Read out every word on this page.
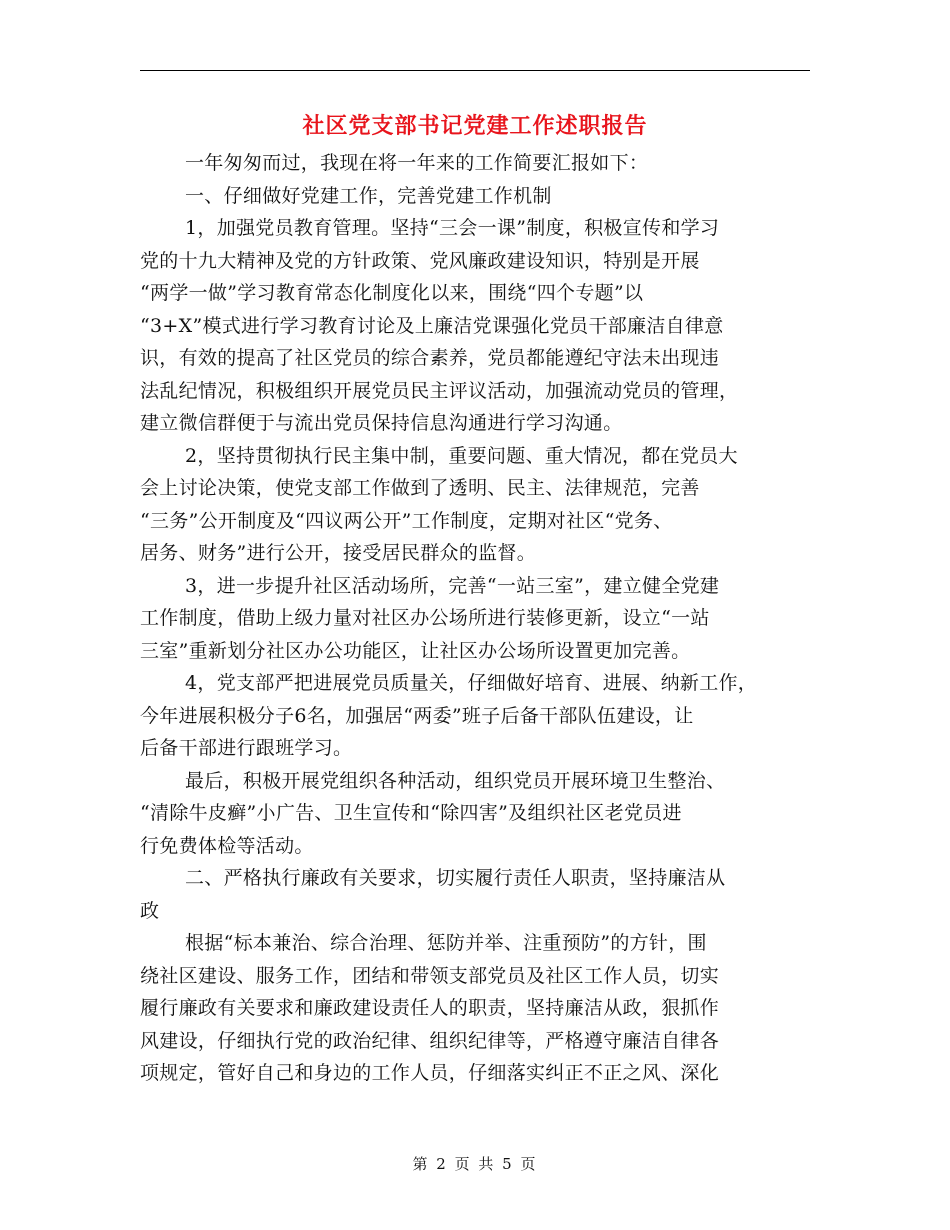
社区党支部书记党建工作述职报告
一年匆匆而过，我现在将一年来的工作简要汇报如下：
一、仔细做好党建工作，完善党建工作机制
1，加强党员教育管理。坚持“三会一课”制度，积极宣传和学习
党的十九大精神及党的方针政策、党风廉政建设知识，特别是开展
“两学一做”学习教育常态化制度化以来，围绕“四个专题”以
“3+X”模式进行学习教育讨论及上廉洁党课强化党员干部廉洁自律意
识，有效的提高了社区党员的综合素养，党员都能遵纪守法未出现违
法乱纪情况，积极组织开展党员民主评议活动，加强流动党员的管理，
建立微信群便于与流出党员保持信息沟通进行学习沟通。
2，坚持贯彻执行民主集中制，重要问题、重大情况，都在党员大
会上讨论决策，使党支部工作做到了透明、民主、法律规范，完善
“三务”公开制度及“四议两公开”工作制度，定期对社区“党务、
居务、财务”进行公开，接受居民群众的监督。
3，进一步提升社区活动场所，完善“一站三室”，建立健全党建
工作制度，借助上级力量对社区办公场所进行装修更新，设立“一站
三室”重新划分社区办公功能区，让社区办公场所设置更加完善。
4，党支部严把进展党员质量关，仔细做好培育、进展、纳新工作，
今年进展积极分子6名，加强居“两委”班子后备干部队伍建设，让
后备干部进行跟班学习。
最后，积极开展党组织各种活动，组织党员开展环境卫生整治、
“清除牛皮癣”小广告、卫生宣传和“除四害”及组织社区老党员进
行免费体检等活动。
二、严格执行廉政有关要求，切实履行责任人职责，坚持廉洁从
政
根据“标本兼治、综合治理、惩防并举、注重预防”的方针，围
绕社区建设、服务工作，团结和带领支部党员及社区工作人员，切实
履行廉政有关要求和廉政建设责任人的职责，坚持廉洁从政，狠抓作
风建设，仔细执行党的政治纪律、组织纪律等，严格遵守廉洁自律各
项规定，管好自己和身边的工作人员，仔细落实纠正不正之风、深化
第 2 页 共 5 页
